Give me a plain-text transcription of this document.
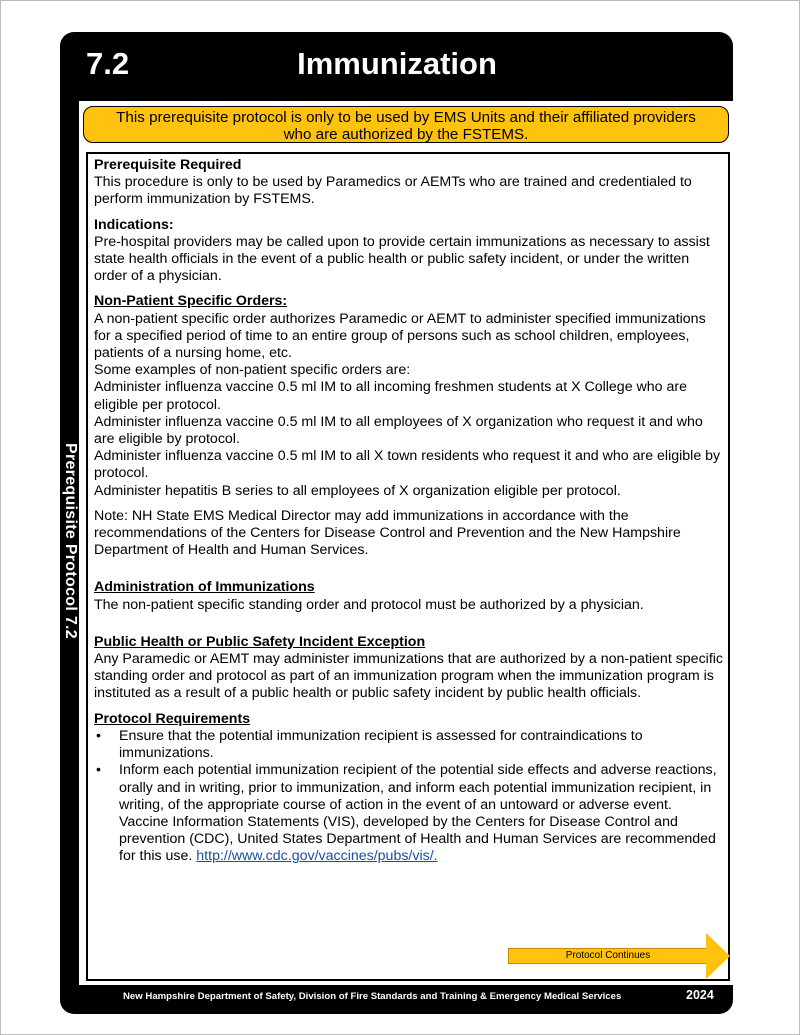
7.2	Immunization
Prerequisite Protocol 7.2
This prerequisite protocol is only to be used by EMS Units and their affiliated providers
who are authorized by the FSTEMS.

Prerequisite Required

This procedure is only to be used by Paramedics or AEMTs who are trained and credentialed to perform immunization by FSTEMS.

Indications:

Pre-hospital providers may be called upon to provide certain immunizations as necessary to assist state health officials in the event of a public health or public safety incident, or under the written order of a physician.

Non-Patient Specific Orders:

A non-patient specific order authorizes Paramedic or AEMT to administer specified immunizations for a specified period of time to an entire group of persons such as school children, employees, patients of a nursing home, etc.

Some examples of non-patient specific orders are:

Administer influenza vaccine 0.5 ml IM to all incoming freshmen students at X College who are eligible per protocol.

Administer influenza vaccine 0.5 ml IM to all employees of X organization who request it and who are eligible by protocol.

Administer influenza vaccine 0.5 ml IM to all X town residents who request it and who are eligible by protocol.

Administer hepatitis B series to all employees of X organization eligible per protocol.

Note: NH State EMS Medical Director may add immunizations in accordance with the recommendations of the Centers for Disease Control and Prevention and the New Hampshire Department of Health and Human Services.

Administration of Immunizations

The non-patient specific standing order and protocol must be authorized by a physician.

Public Health or Public Safety Incident Exception

Any Paramedic or AEMT may administer immunizations that are authorized by a non-patient specific standing order and protocol as part of an immunization program when the immunization program is instituted as a result of a public health or public safety incident by public health officials.

Protocol Requirements

•	Ensure that the potential immunization recipient is assessed for contraindications to immunizations.
•	Inform each potential immunization recipient of the potential side effects and adverse reactions, orally and in writing, prior to immunization, and inform each potential immunization recipient, in writing, of the appropriate course of action in the event of an untoward or adverse event. Vaccine Information Statements (VIS), developed by the Centers for Disease Control and prevention (CDC), United States Department of Health and Human Services are recommended for this use. http://www.cdc.gov/vaccines/pubs/vis/.
Protocol Continues
New Hampshire Department of Safety, Division of Fire Standards and Training & Emergency Medical Services	2024
